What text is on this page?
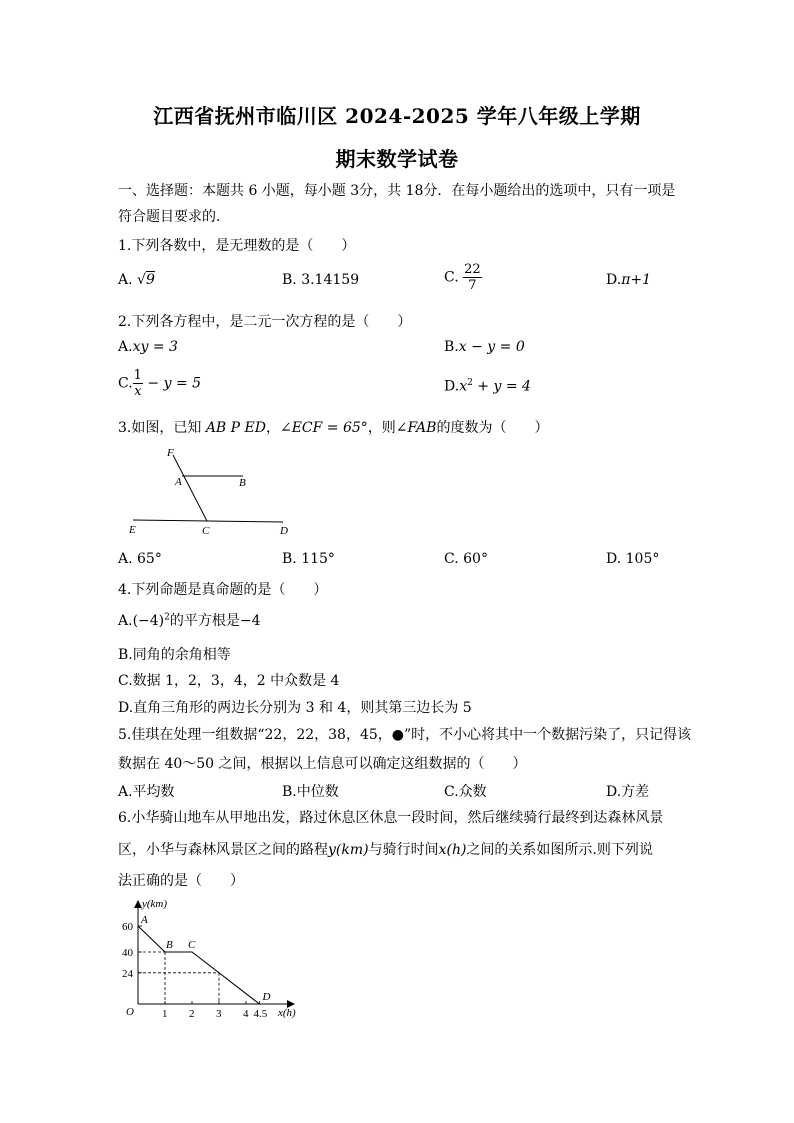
江西省抚州市临川区 2024-2025 学年八年级上学期
期末数学试卷
一、选择题：本题共 6 小题，每小题 3分，共 18分．在每小题给出的选项中，只有一项是
符合题目要求的．
1.下列各数中，是无理数的是（　　）
A. √9	B. 3.14159	C. $\frac{22}{7}$	D.π+1
2.下列各方程中，是二元一次方程的是（　　）
A.xy = 3	B.x − y = 0
C. $\frac{1}{x} - y = 5$	$D.x^2 + y = 4$
3.如图，已知 AB P ED，∠ECF = 65°，则∠FAB的度数为（　　）
F
A	B
E	C	D
A. 65°	B. 115°	C. 60°	D. 105°
4.下列命题是真命题的是（　　）
$A.(-4)^2$的平方根是−4
B.同角的余角相等
C.数据 1，2，3，4，2 中众数是 4
D.直角三角形的两边长分别为 3 和 4，则其第三边长为 5
5.佳琪在处理一组数据“22，22，38，45，●”时，不小心将其中一个数据污染了，只记得该
数据在 40～50 之间，根据以上信息可以确定这组数据的（　　）
A.平均数	B.中位数	C.众数	D.方差
6.小华骑山地车从甲地出发，路过休息区休息一段时间，然后继续骑行最终到达森林风景
区，小华与森林风景区之间的路程y(km)与骑行时间x(h)之间的关系如图所示.则下列说
法正确的是（　　）
y(km)
x(h)
O
24
40
60
1 2 3 4 4.5
A
B C
D
